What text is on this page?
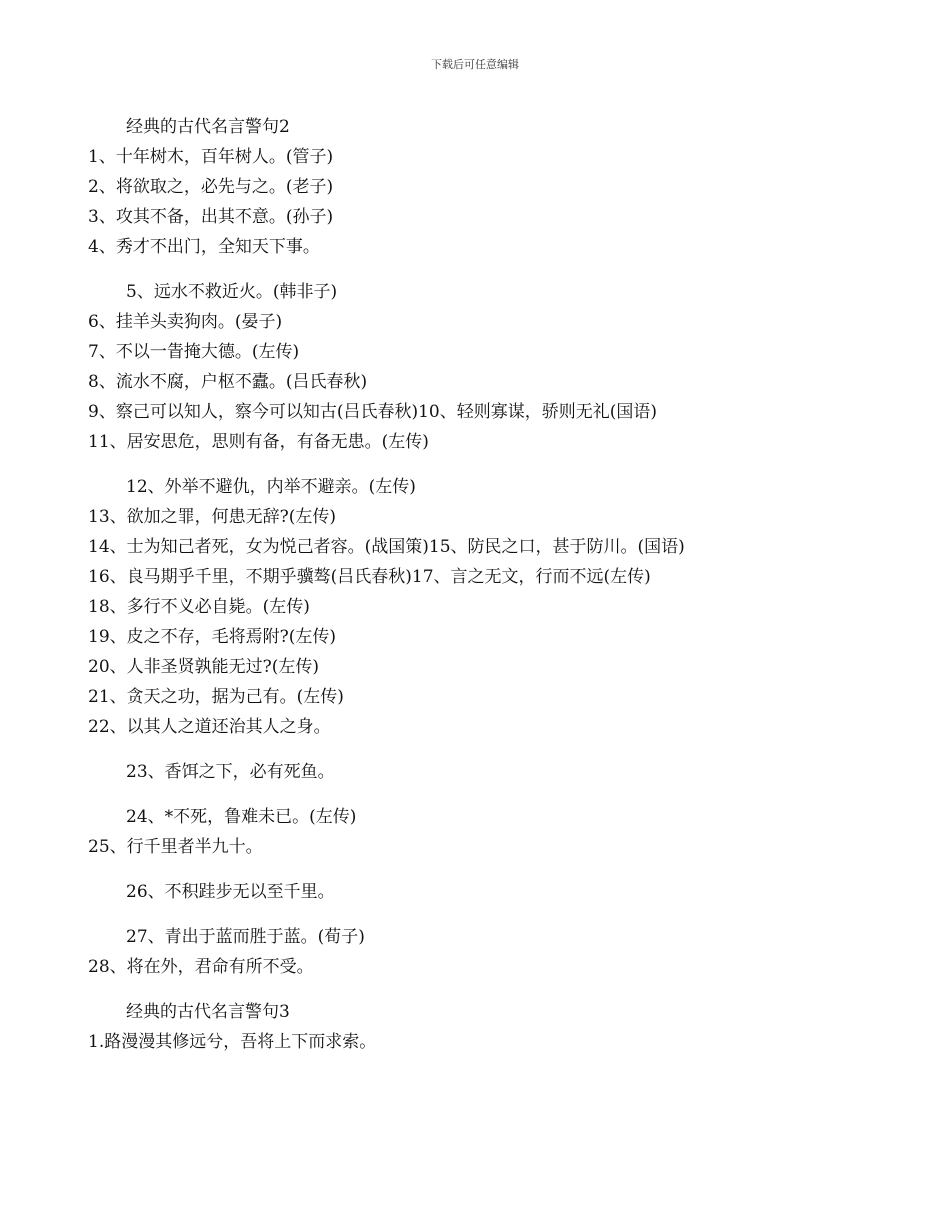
下载后可任意编辑
经典的古代名言警句2
1、十年树木，百年树人。(管子)
2、将欲取之，必先与之。(老子)
3、攻其不备，出其不意。(孙子)
4、秀才不出门，全知天下事。
5、远水不救近火。(韩非子)
6、挂羊头卖狗肉。(晏子)
7、不以一眚掩大德。(左传)
8、流水不腐，户枢不蠹。(吕氏春秋)
9、察己可以知人，察今可以知古(吕氏春秋)10、轻则寡谋，骄则无礼(国语)
11、居安思危，思则有备，有备无患。(左传)
12、外举不避仇，内举不避亲。(左传)
13、欲加之罪，何患无辞?(左传)
14、士为知己者死，女为悦己者容。(战国策)15、防民之口，甚于防川。(国语)
16、良马期乎千里，不期乎骥骜(吕氏春秋)17、言之无文，行而不远(左传)
18、多行不义必自毙。(左传)
19、皮之不存，毛将焉附?(左传)
20、人非圣贤孰能无过?(左传)
21、贪天之功，据为己有。(左传)
22、以其人之道还治其人之身。
23、香饵之下，必有死鱼。
24、*不死，鲁难未已。(左传)
25、行千里者半九十。
26、不积跬步无以至千里。
27、青出于蓝而胜于蓝。(荀子)
28、将在外，君命有所不受。
经典的古代名言警句3
1.路漫漫其修远兮，吾将上下而求索。
